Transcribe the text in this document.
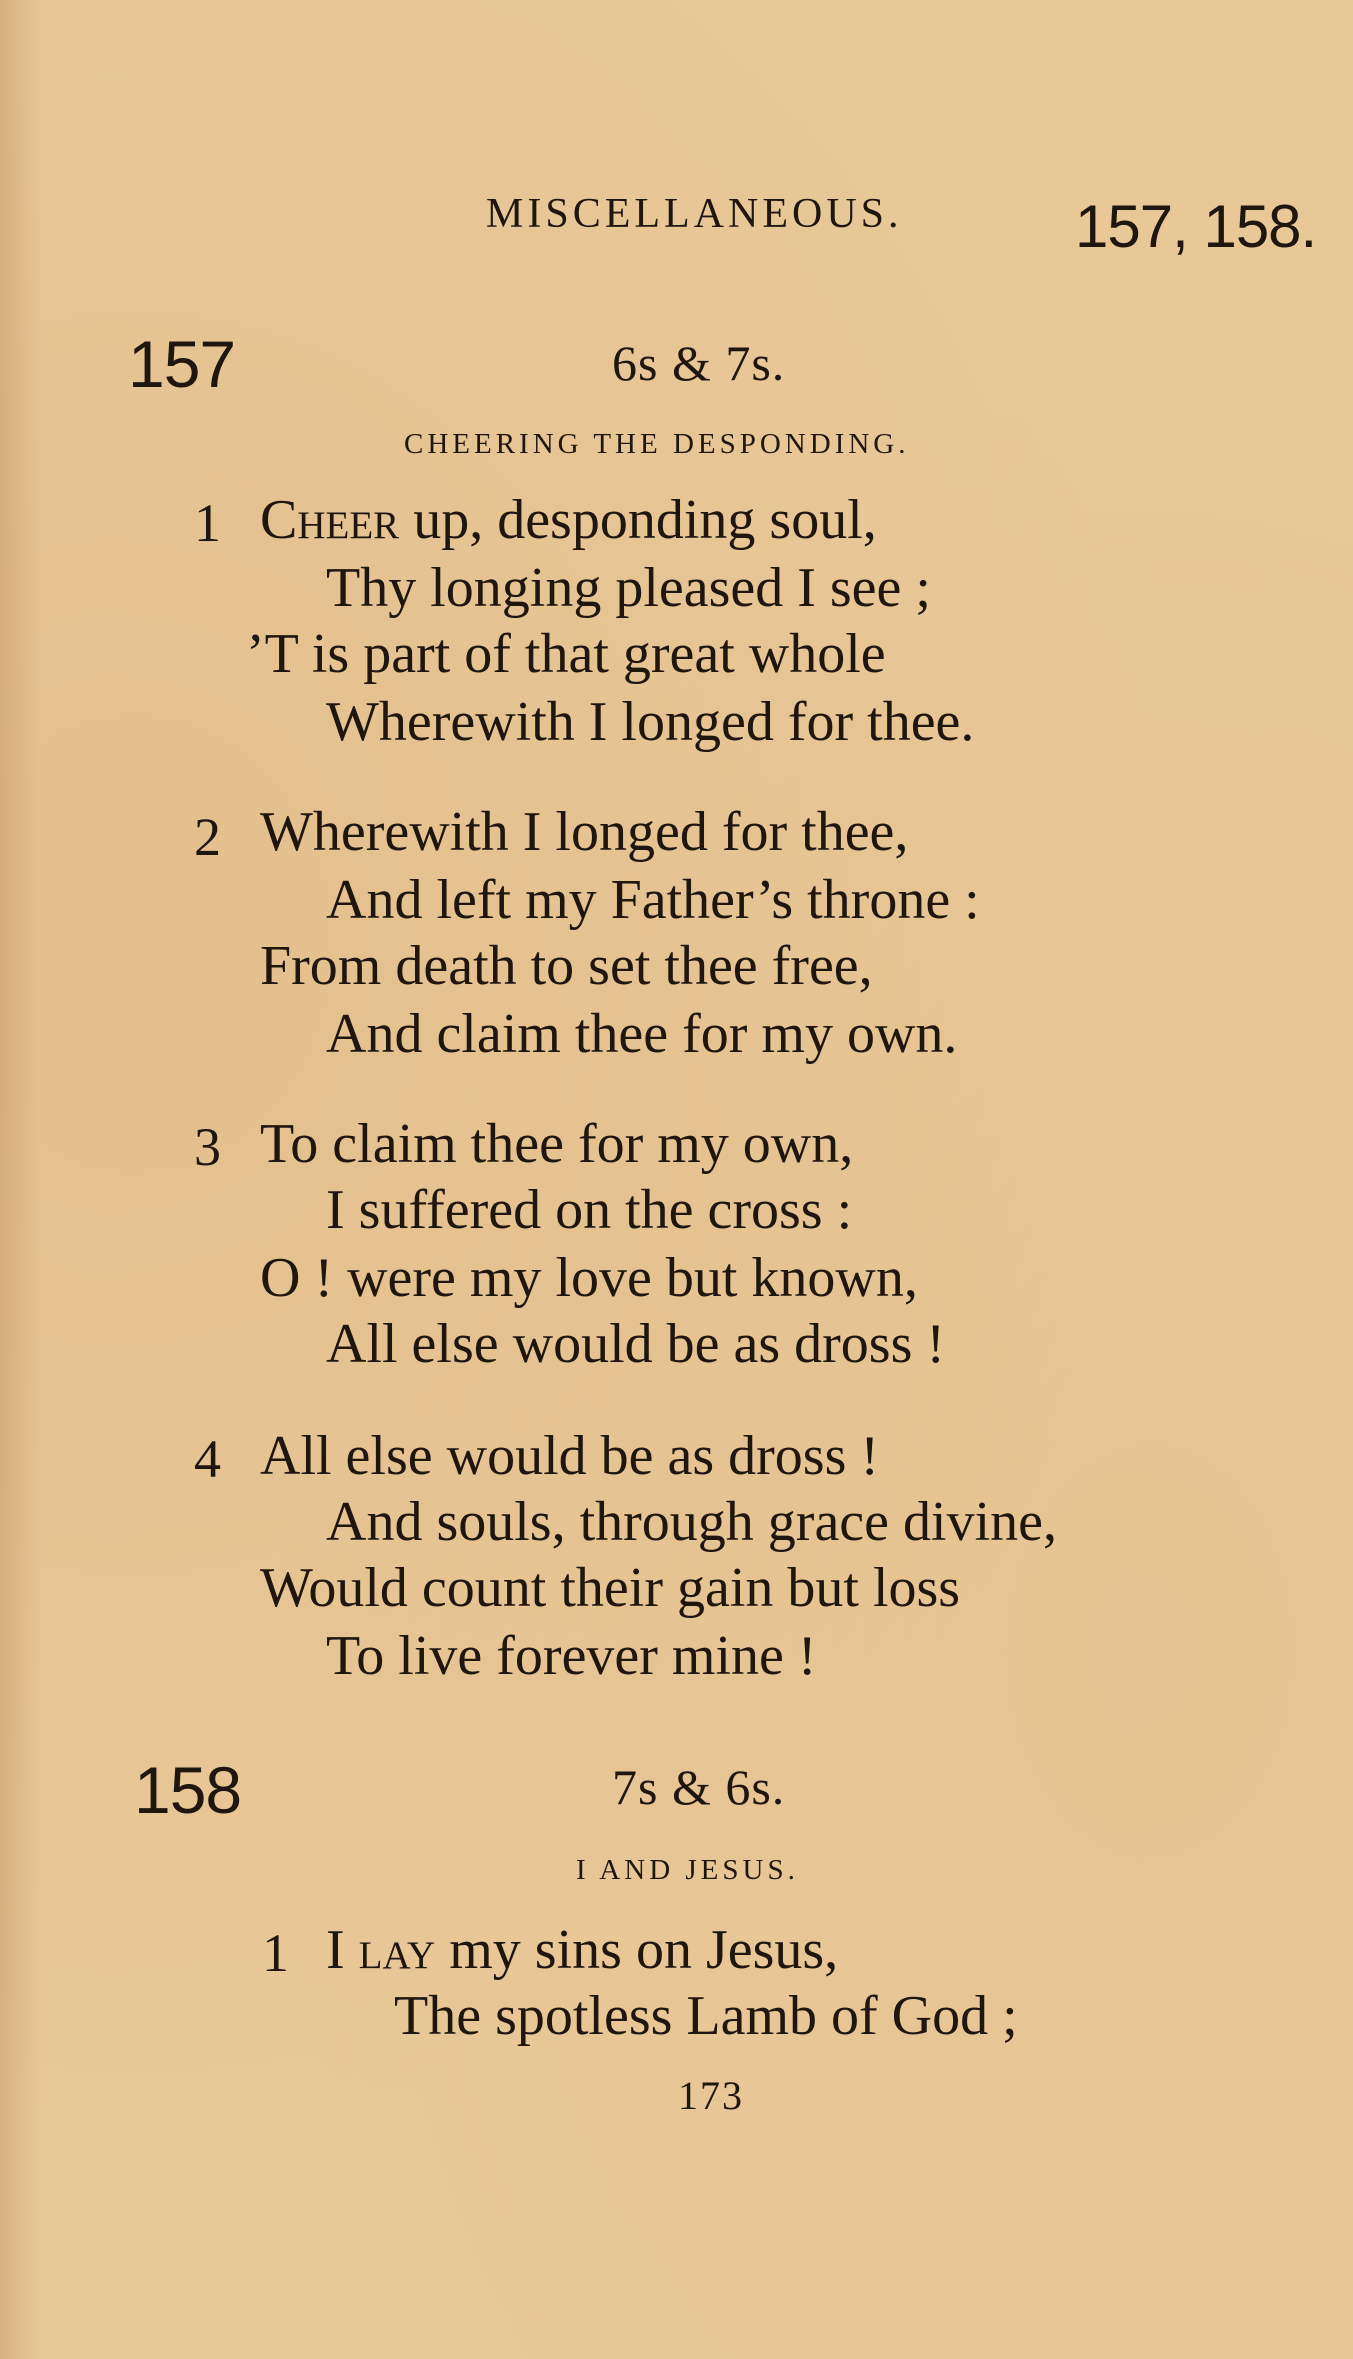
MISCELLANEOUS.	157, 158.
157	6s & 7s.
CHEERING THE DESPONDING.
1 Cheer up, desponding soul,
Thy longing pleased I see ;
’T is part of that great whole
Wherewith I longed for thee.
2 Wherewith I longed for thee,
And left my Father’s throne :
From death to set thee free,
And claim thee for my own.
3 To claim thee for my own,
I suffered on the cross :
O ! were my love but known,
All else would be as dross !
4 All else would be as dross !
And souls, through grace divine,
Would count their gain but loss
To live forever mine !
158	7s & 6s.
I AND JESUS.
1 I lay my sins on Jesus,
The spotless Lamb of God ;
173
